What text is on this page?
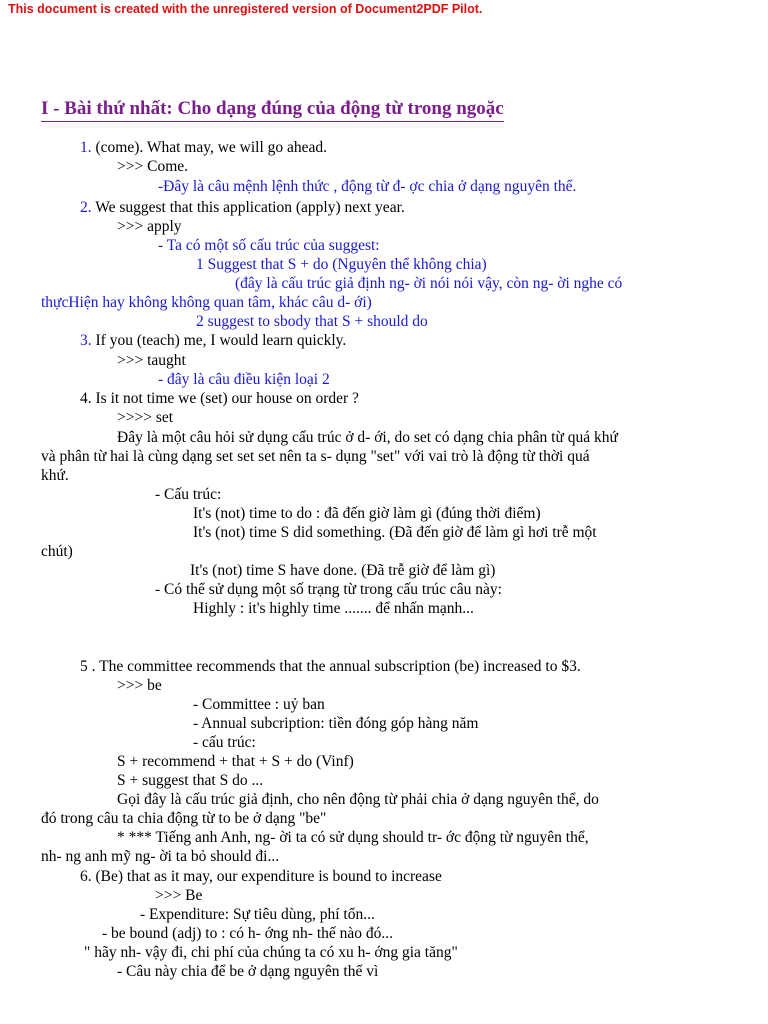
This document is created with the unregistered version of Document2PDF Pilot.
I - Bài thứ nhất: Cho dạng đúng của động từ trong ngoặc
1. (come). What may, we will go ahead.
>>> Come.
-Đây là câu mệnh lệnh thức , động từ đ- ợc chia ở dạng nguyên thể.
2. We suggest that this application (apply) next year.
>>> apply
- Ta có một số cấu trúc của suggest:
1 Suggest that S + do (Nguyên thể không chia)
(đây là cấu trúc giả định ng- ời nói nói vậy, còn ng- ời nghe có
thựcHiện hay không không quan tâm, khác câu d- ới)
2 suggest to sbody that S + should do
3. If you (teach) me, I would learn quickly.
>>> taught
- đây là câu điều kiện loại 2
4. Is it not time we (set) our house on order ?
>>>> set
Đây là một câu hỏi sử dụng cấu trúc ở d- ới, do set có dạng chia phân từ quá khứ
và phân từ hai là cùng dạng set set set nên ta s- dụng "set" với vai trò là động từ thời quá
khứ.
- Cấu trúc:
It's (not) time to do : đã đến giờ làm gì (đúng thời điểm)
It's (not) time S did something. (Đã đến giờ để làm gì hơi trễ một
chút)
It's (not) time S have done. (Đã trễ giờ để làm gì)
- Có thể sử dụng một số trạng từ trong cấu trúc câu này:
Highly : it's highly time ....... để nhấn mạnh...
5 . The committee recommends that the annual subscription (be) increased to $3.
>>> be
- Committee : uỷ ban
- Annual subcription: tiền đóng góp hàng năm
- cấu trúc:
S + recommend + that + S + do (Vinf)
S + suggest that S do ...
Gọi đây là cấu trúc giả định, cho nên động từ phải chia ở dạng nguyên thể, do
đó trong câu ta chia động từ to be ở dạng "be"
* *** Tiếng anh Anh, ng- ời ta có sử dụng should tr- ớc động từ nguyên thể,
nh- ng anh mỹ ng- ời ta bỏ should đi...
6. (Be) that as it may, our expenditure is bound to increase
>>> Be
- Expenditure: Sự tiêu dùng, phí tổn...
- be bound (adj) to : có h- ớng nh- thế nào đó...
" hãy nh- vậy đi, chi phí của chúng ta có xu h- ớng gia tăng"
- Câu này chia để be ở dạng nguyên thể vì
